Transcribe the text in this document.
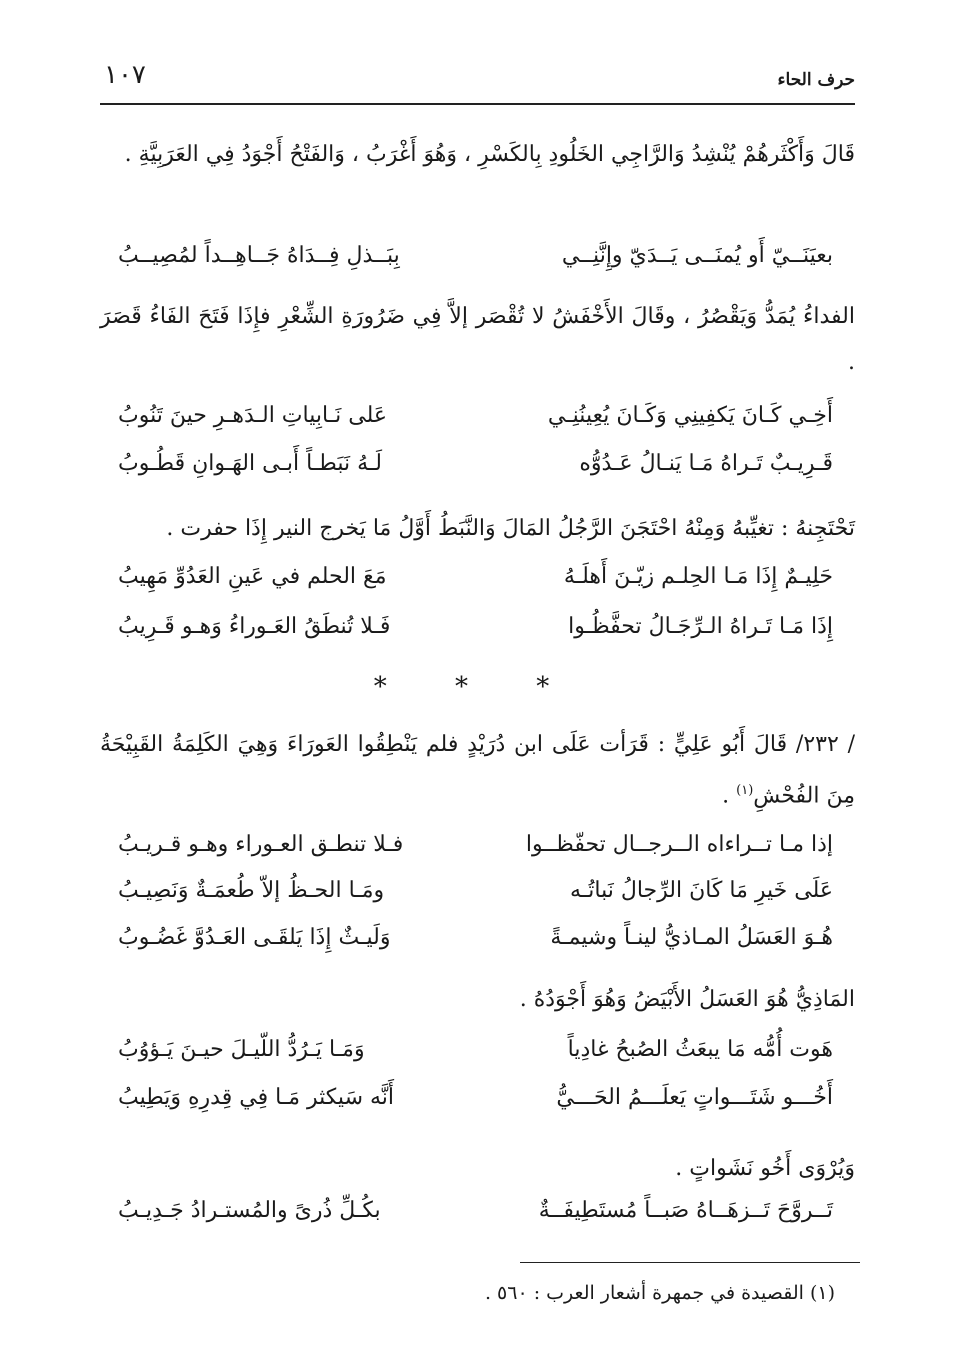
حرف الحاء
١٠٧
قَالَ وَأَكْثَرهُمْ يُنْشِدُ وَالرَّاجِي الخَلُودِ بِالكَسْرِ ، وَهُوَ أَغْرَبُ ، وَالفَتْحُ أَجْوَدُ فِي العَرَبِيَّةِ .
بعيَنَــيّ أَو يُمنَــى يَــدَيّ وإِنَّنِــي
بِبَــذلِ فِــدَاهُ جَــاهِــداً لمُصِيــبُ
الفداءُ يُمَدُّ وَيَقْصُرُ ، وقَالَ الأَخْفَشُ لا تُقْصَر إلاَّ فِي ضَرُورَةِ الشِّعْرِ فإِذَا فَتَحَ الفَاءُ قَصَرَ .
أَخِـي كَـانَ يَكفِينِي وَكَـانَ يُعِينُنِـي
عَلى نَـابِياتِ الـدَهـرِ حينَ تَنُوبُ
قَـرِيـبٌ تَـراهُ مَـا يَنـالُ عَـدُوُّه
لَـهُ نَبَطـاً أَبـى الهَـوانِ قَطُـوبُ
تَحْتَجِنهُ : تغيِّبهُ وَمِنْهُ احْتَجَنَ الرَّجُلُ المَالَ وَالنَّبَطُ أَوَّلُ مَا يَخرج النير إِذَا حفرت .
حَلِيـمٌ إِذَا مَـا الحِلـم زيّـنَ أَهلَـهُ
مَعَ الحلم في عَينِ العَدُوِّ مَهِيبُ
إِذَا مَـا تَـراهُ الـرِّجَـالُ تحفَّظُـوا
فَـلا تُنطَقُ العَـوراءُ وَهـو قَـرِيبُ
* * *
/ ٢٣٢/ قَالَ أَبُو عَلِيٍّ : قَرَأت عَلَى ابن دُرَيْدٍ فلم يَنْطِقُوا العَورَاءَ وَهِيَ الكَلِمَةُ القَبِيْحَةُ مِنَ الفُحْشِ$^{(١)}$ .
إذا مـا تــراءاه الــرجــال تحفّظــوا
فـلا تنطـق العـوراء وهـو قـريـبُ
عَلَى خَيرِ مَا كَانَ الرِّجالُ نَباتُـه
ومَـا الحـظُ إلاّ طُعمَـةٌ وَنَصِيـبُ
هُـوَ العَسَلُ المـاذيُّ لينـاً وشيمـةً
وَلَيـثٌ إِذَا يَلقَـى العَـدُوَّ غَضُـوبُ
المَاذِيُّ هُوَ العَسَلُ الأَبْيَضُ وَهُوَ أَجْوَدُهُ .
هَوت أُمُّه مَا يبعَثُ الصُبحُ غادِياً
وَمَـا يَـرُدُّ اللّيـلَ حيـنَ يَـؤوُبُ
أَخُـــو شَتَـــواتٍ يَعلَـــمُ الحَـــيُّ
أَنَّه سَيكثر مَـا فِي قِدرِهِ وَيَطِيبُ
وَيُرْوَى أَخُو نَشَواتٍ .
تَــروَّحَ تَــزهَــاهُ صَبــاً مُستَطِيفَــةٌ
بكُـلِّ ذُرىً والمُستـرادُ جَـدِيـبُ
(١) القصيدة في جمهرة أشعار العرب : ٥٦٠ .
